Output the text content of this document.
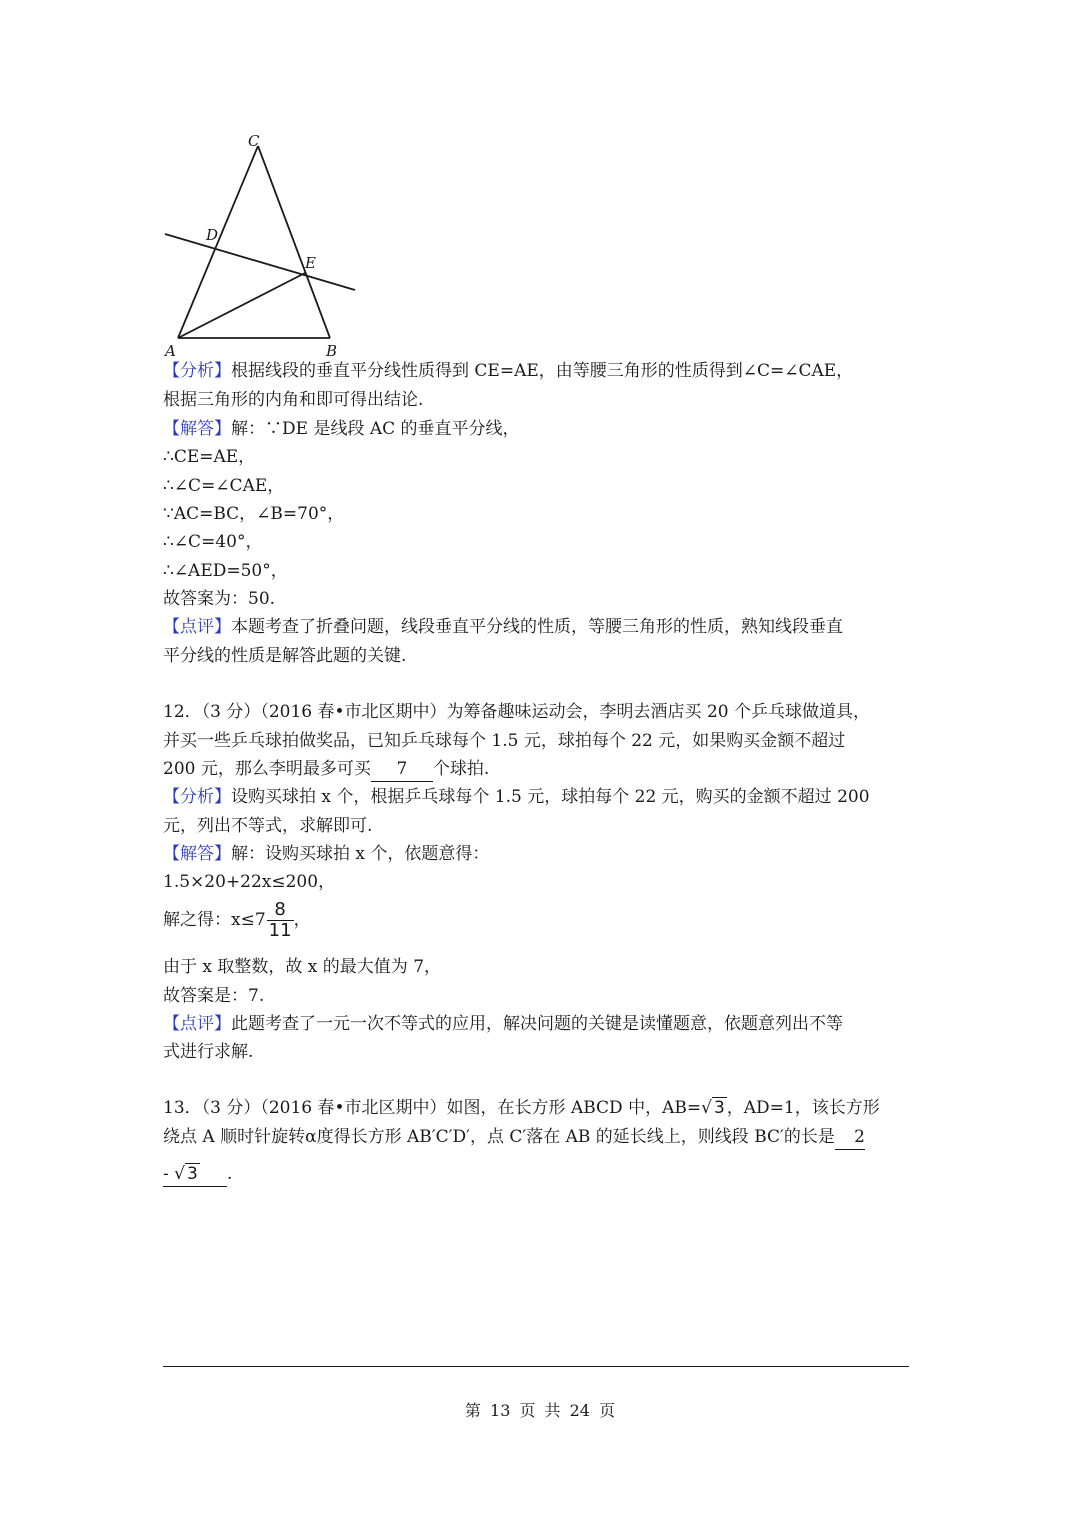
C
D
E
A	B
【分析】根据线段的垂直平分线性质得到 CE=AE，由等腰三角形的性质得到∠C=∠CAE，
根据三角形的内角和即可得出结论.
【解答】解：∵DE 是线段 AC 的垂直平分线，
∴CE=AE，
∴∠C=∠CAE，
∵AC=BC，∠B=70°，
∴∠C=40°，
∴∠AED=50°，
故答案为：50.
【点评】本题考查了折叠问题，线段垂直平分线的性质，等腰三角形的性质，熟知线段垂直
平分线的性质是解答此题的关键.
12．（3 分）（2016 春•市北区期中）为筹备趣味运动会，李明去酒店买 20 个乒乓球做道具，
并买一些乒乓球拍做奖品，已知乒乓球每个 1.5 元，球拍每个 22 元，如果购买金额不超过
200 元，那么李明最多可买 7 个球拍.
【分析】设购买球拍 x 个，根据乒乓球每个 1.5 元，球拍每个 22 元，购买的金额不超过 200
元，列出不等式，求解即可.
【解答】解：设购买球拍 x 个，依题意得：
1.5×20+22x≤200，
解之得：$x\le 7 \frac{8}{11}$ ，
由于 x 取整数，故 x 的最大值为 7，
故答案是：7.
【点评】此题考查了一元一次不等式的应用，解决问题的关键是读懂题意，依题意列出不等
式进行求解.
13．（3 分）（2016 春•市北区期中）如图，在长方形 ABCD 中，AB=√ 3 ，AD=1，该长方形
绕点 A 顺时针旋转α度得长方形 AB′C′D′，点 C′落在 AB 的延长线上，则线段 BC′的长是 2
- √ 3 .
第 13 页 共 24 页
